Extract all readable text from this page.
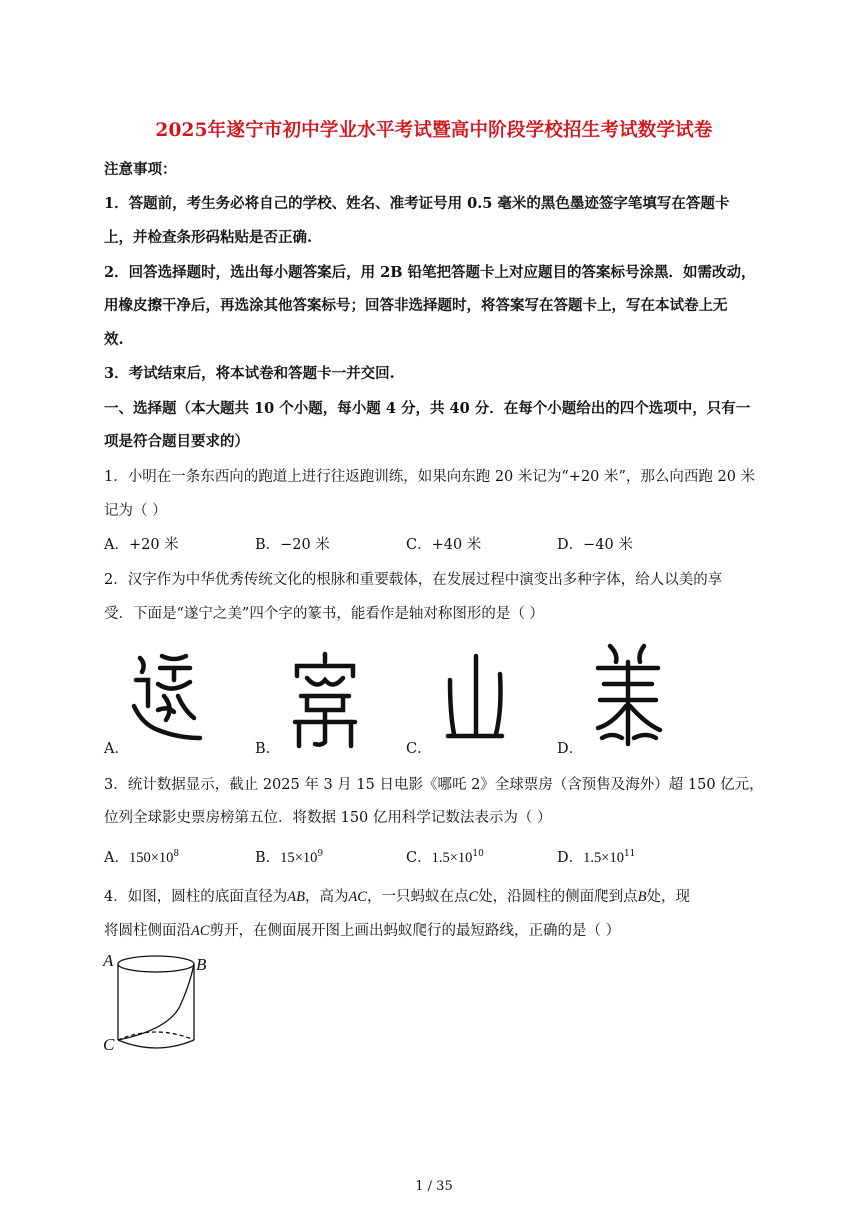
2025年遂宁市初中学业水平考试暨高中阶段学校招生考试数学试卷
注意事项：
1．答题前，考生务必将自己的学校、姓名、准考证号用 0.5 毫米的黑色墨迹签字笔填写在答题卡
上，并检查条形码粘贴是否正确.
2．回答选择题时，选出每小题答案后，用 2B 铅笔把答题卡上对应题目的答案标号涂黑．如需改动，
用橡皮擦干净后，再选涂其他答案标号；回答非选择题时，将答案写在答题卡上，写在本试卷上无
效.
3．考试结束后，将本试卷和答题卡一并交回.
一、选择题（本大题共 10 个小题，每小题 4 分，共 40 分．在每个小题给出的四个选项中，只有一
项是符合题目要求的）
1．小明在一条东西向的跑道上进行往返跑训练，如果向东跑 20 米记为“+20 米”，那么向西跑 20 米
记为（ ）
A．+20 米	B．−20 米	C．+40 米	D．−40 米
2．汉字作为中华优秀传统文化的根脉和重要载体，在发展过程中演变出多种字体，给人以美的享
受．下面是“遂宁之美”四个字的篆书，能看作是轴对称图形的是（ ）
A．	B．	C．	D．
3．统计数据显示，截止 2025 年 3 月 15 日电影《哪吒 2》全球票房（含预售及海外）超 150 亿元，
位列全球影史票房榜第五位．将数据 150 亿用科学记数法表示为（ ）
A．$150\times 10^8$	B．$15\times 10^9$	C．$1.5\times 10^{10}$	D．$1.5\times 10^{11}$
4．如图，圆柱的底面直径为AB，高为AC，一只蚂蚁在点C处，沿圆柱的侧面爬到点B处，现
将圆柱侧面沿AC剪开，在侧面展开图上画出蚂蚁爬行的最短路线，正确的是（ ）
A	B
C
1 / 35
